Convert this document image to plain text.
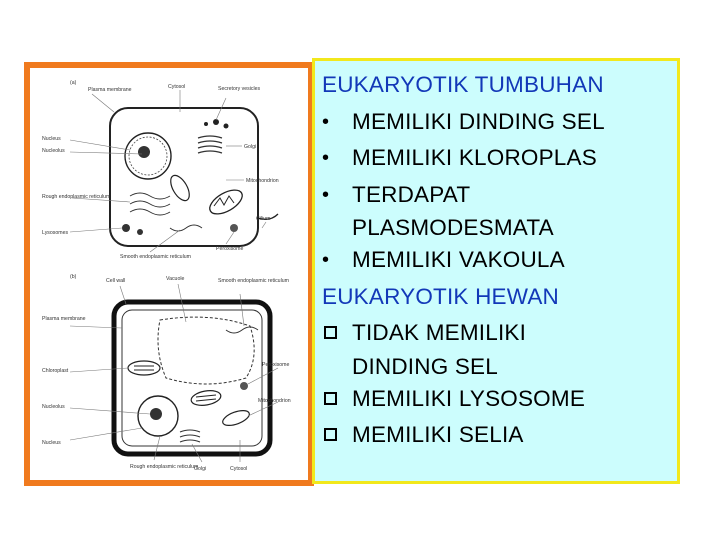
(a)
Plasma membrane	Cytosol	Secretory vesicles
Nucleus
Nucleolus
Golgi
Mitochondrion
Rough endoplasmic reticulum
Cilium
Lysosomes
Peroxisome
Smooth endoplasmic reticulum
(b)
Cell wall	Vacuole	Smooth endoplasmic reticulum
Plasma membrane
Chloroplast
Peroxisome
Nucleolus
Mitochondrion
Nucleus
Rough endoplasmic reticulum
Golgi	Cytosol
EUKARYOTIK TUMBUHAN
•	MEMILIKI DINDING SEL
•	MEMILIKI KLOROPLAS
•	TERDAPAT
PLASMODESMATA
•	MEMILIKI VAKOULA
EUKARYOTIK HEWAN
TIDAK MEMILIKI
DINDING SEL
MEMILIKI LYSOSOME
MEMILIKI SELIA
